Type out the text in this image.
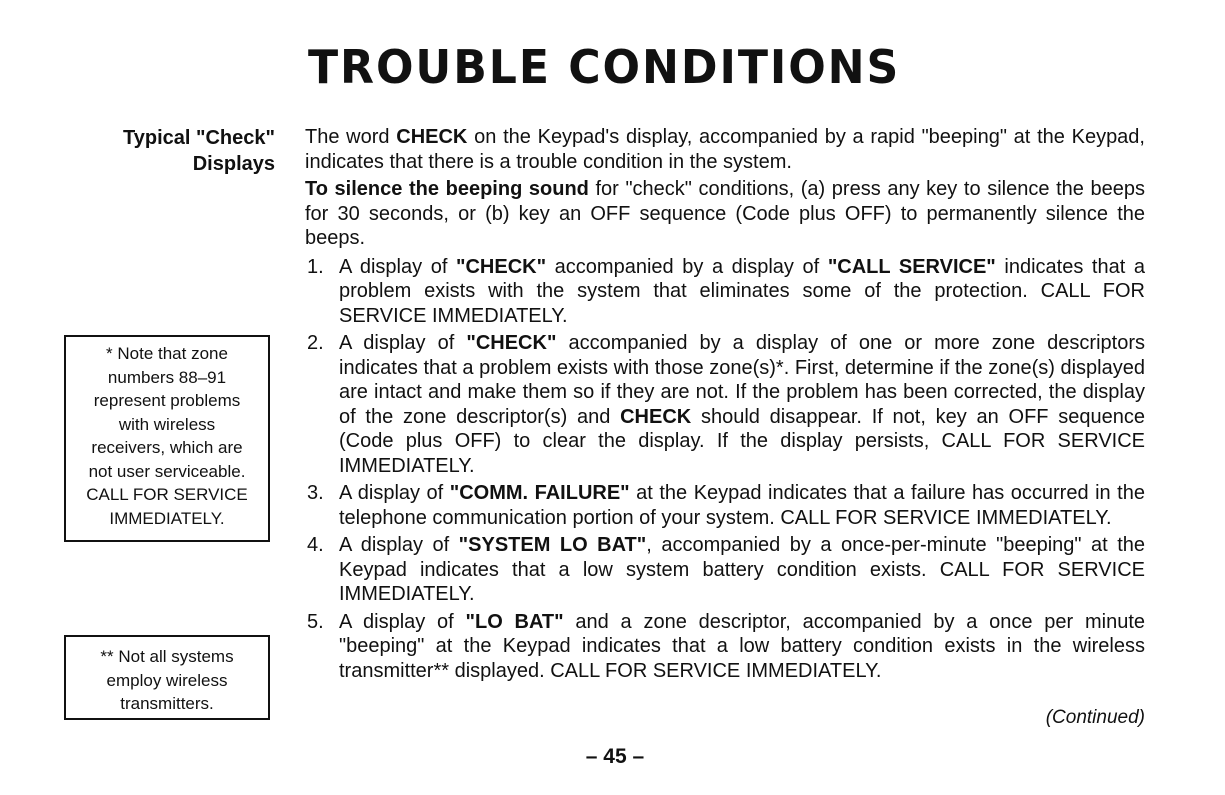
TROUBLE CONDITIONS
Typical "Check"
Displays
* Note that zone
numbers 88–91
represent problems
with wireless
receivers, which are
not user serviceable.
CALL FOR SERVICE
IMMEDIATELY.
** Not all systems
employ wireless
transmitters.

The word CHECK on the Keypad's display, accompanied by a rapid "beeping" at the Keypad, indicates that there is a trouble condition in the system.

To silence the beeping sound for "check" conditions, (a) press any key to silence the beeps for 30 seconds, or (b) key an OFF sequence (Code plus OFF) to permanently silence the beeps.

1. A display of "CHECK" accompanied by a display of "CALL SERVICE" indicates that a problem exists with the system that eliminates some of the protection. CALL FOR SERVICE IMMEDIATELY.
2. A display of "CHECK" accompanied by a display of one or more zone descriptors indicates that a problem exists with those zone(s)*. First, determine if the zone(s) displayed are intact and make them so if they are not. If the problem has been corrected, the display of the zone descriptor(s) and CHECK should disappear. If not, key an OFF sequence (Code plus OFF) to clear the display. If the display persists, CALL FOR SERVICE IMMEDIATELY.
3. A display of "COMM. FAILURE" at the Keypad indicates that a failure has occurred in the telephone communication portion of your system. CALL FOR SERVICE IMMEDIATELY.
4. A display of "SYSTEM LO BAT", accompanied by a once-per-minute "beeping" at the Keypad indicates that a low system battery condition exists. CALL FOR SERVICE IMMEDIATELY.
5. A display of "LO BAT" and a zone descriptor, accompanied by a once per minute "beeping" at the Keypad indicates that a low battery condition exists in the wireless transmitter** displayed. CALL FOR SERVICE IMMEDIATELY.
(Continued)
– 45 –
